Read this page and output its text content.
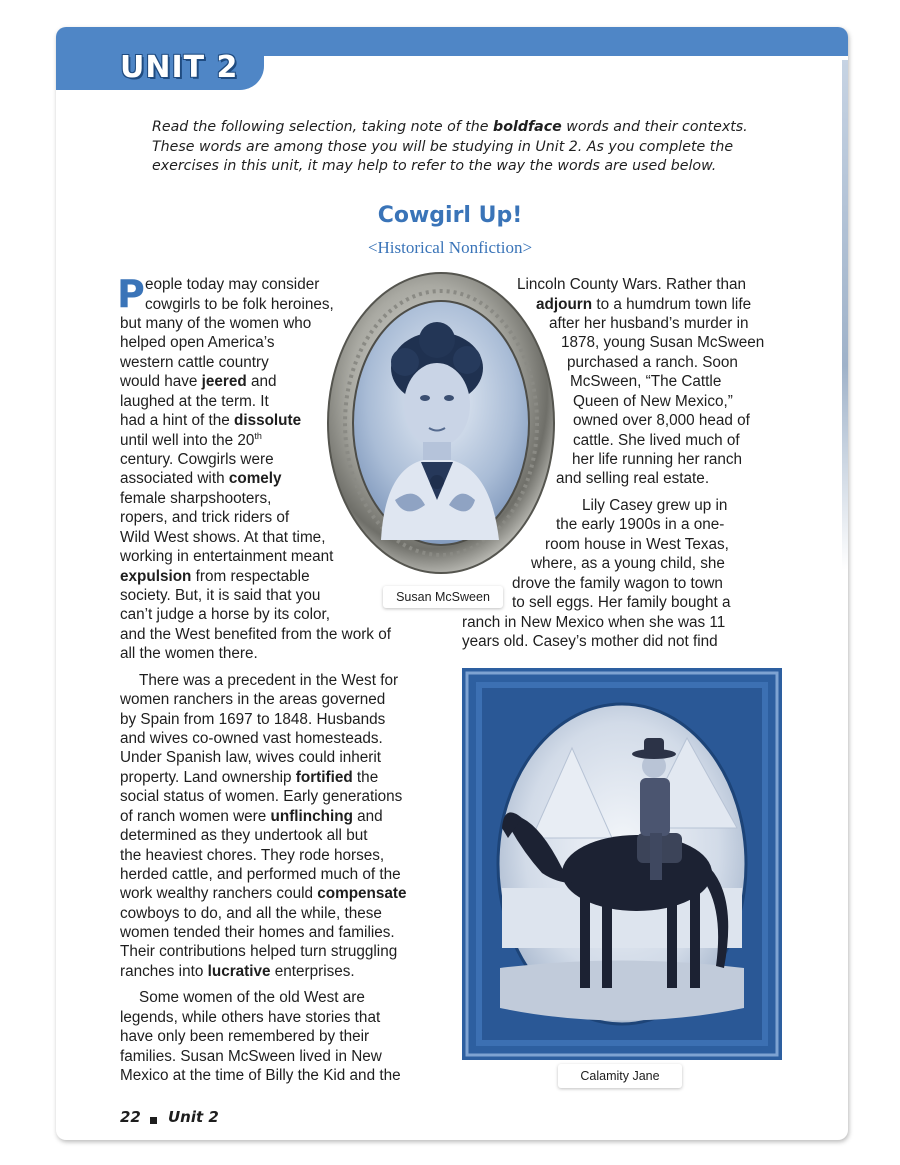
UNIT 2
Read the following selection, taking note of the boldface words and their contexts.
These words are among those you will be studying in Unit 2. As you complete the
exercises in this unit, it may help to refer to the way the words are used below.
Cowgirl Up!
<Historical Nonfiction>
P eople today may consider
cowgirls to be folk heroines,
but many of the women who
helped open America’s
western cattle country
would have jeered and
laughed at the term. It
had a hint of the dissolute
until well into the 20th
century. Cowgirls were
associated with comely
female sharpshooters,
ropers, and trick riders of
Wild West shows. At that time,
working in entertainment meant
expulsion from respectable
society. But, it is said that you
can’t judge a horse by its color,
and the West benefited from the work of
all the women there.
There was a precedent in the West for
women ranchers in the areas governed
by Spain from 1697 to 1848. Husbands
and wives co-owned vast homesteads.
Under Spanish law, wives could inherit
property. Land ownership fortified the
social status of women. Early generations
of ranch women were unflinching and
determined as they undertook all but
the heaviest chores. They rode horses,
herded cattle, and performed much of the
work wealthy ranchers could compensate
cowboys to do, and all the while, these
women tended their homes and families.
Their contributions helped turn struggling
ranches into lucrative enterprises.
Some women of the old West are
legends, while others have stories that
have only been remembered by their
families. Susan McSween lived in New
Mexico at the time of Billy the Kid and the
Lincoln County Wars. Rather than
adjourn to a humdrum town life
after her husband’s murder in
1878, young Susan McSween
purchased a ranch. Soon
McSween, “The Cattle
Queen of New Mexico,”
owned over 8,000 head of
cattle. She lived much of
her life running her ranch
and selling real estate.
Lily Casey grew up in
the early 1900s in a one-
room house in West Texas,
where, as a young child, she
drove the family wagon to town
to sell eggs. Her family bought a
ranch in New Mexico when she was 11
years old. Casey’s mother did not find
Susan McSween
Calamity Jane
22 Unit 2
